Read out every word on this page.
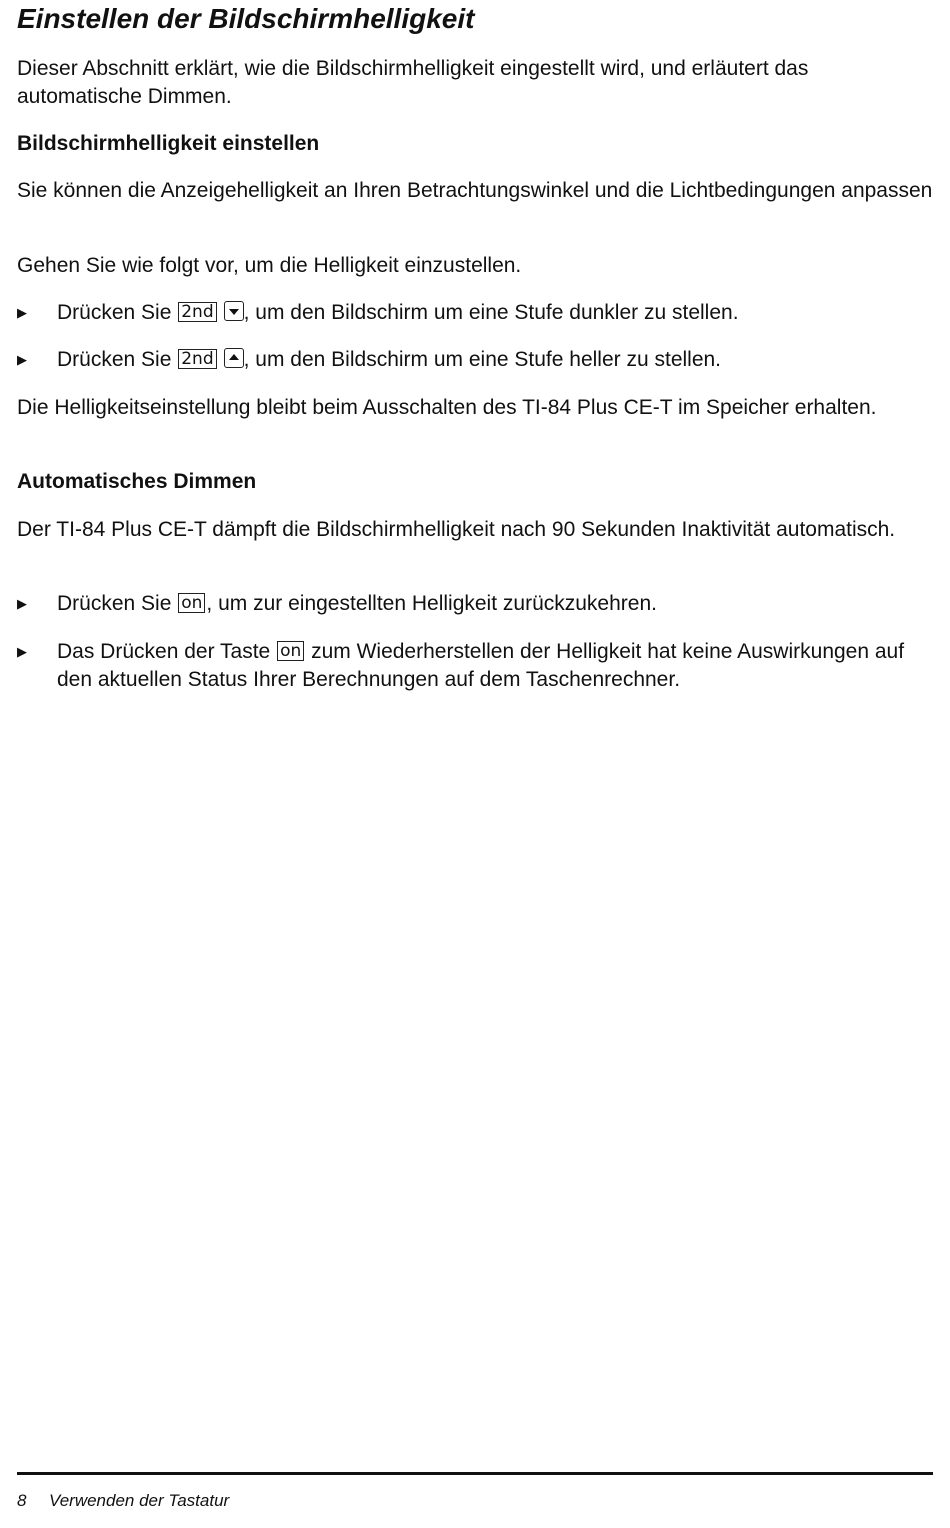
Einstellen der Bildschirmhelligkeit
Dieser Abschnitt erklärt, wie die Bildschirmhelligkeit eingestellt wird, und erläutert das automatische Dimmen.
Bildschirmhelligkeit einstellen
Sie können die Anzeigehelligkeit an Ihren Betrachtungswinkel und die Lichtbedingungen anpassen
Gehen Sie wie folgt vor, um die Helligkeit einzustellen.
▶ Drücken Sie 2nd , um den Bildschirm um eine Stufe dunkler zu stellen.
▶ Drücken Sie 2nd , um den Bildschirm um eine Stufe heller zu stellen.
Die Helligkeitseinstellung bleibt beim Ausschalten des TI-84 Plus CE-T im Speicher erhalten.
Automatisches Dimmen
Der TI-84 Plus CE-T dämpft die Bildschirmhelligkeit nach 90 Sekunden Inaktivität automatisch.
▶ Drücken Sie on , um zur eingestellten Helligkeit zurückzukehren.
▶ Das Drücken der Taste on zum Wiederherstellen der Helligkeit hat keine Auswirkungen auf den aktuellen Status Ihrer Berechnungen auf dem Taschenrechner.
8 Verwenden der Tastatur
